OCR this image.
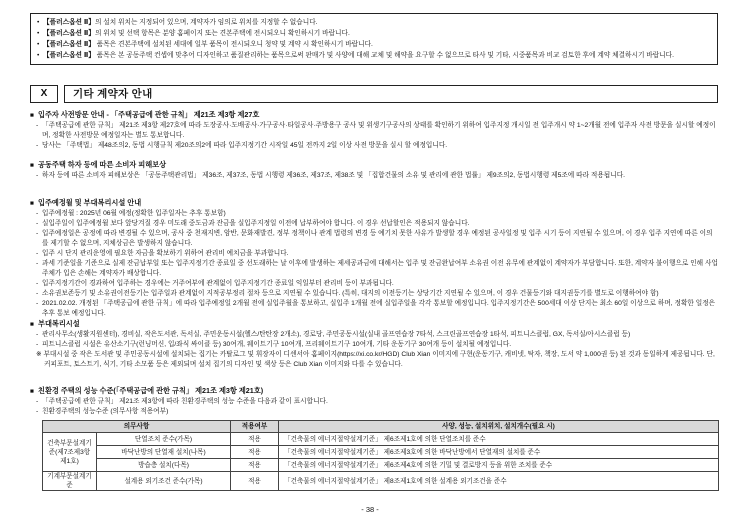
• 【플러스옵션 Ⅱ】의 설치 위치는 지정되어 있으며, 계약자가 임의로 위치를 지정할 수 없습니다.
• 【플러스옵션 Ⅱ】의 위치 및 선택 항목은 분양 홈페이지 또는 견본주택에 전시되오니 확인하시기 바랍니다.
• 【플러스옵션 Ⅱ】 품목은 견본주택에 설치된 세대에 일부 품목이 전시되오니 청약 및 계약 시 확인하시기 바랍니다.
• 【플러스옵션 Ⅱ】 품목은 본 공동주택 컨셉에 맞추어 디자인하고 품질관리하는 품목으로써 판매가 및 사양에 대해 교체 및 해약을 요구할 수 없으므로 타사 및 기타, 시중품목과 비교 검토한 후에 계약 체결하시기 바랍니다.
X	기타 계약자 안내
■ 입주자 사전방문 안내 - 「주택공급에 관한 규칙」 제21조 제3항 제27호
- 「주택공급에 관한 규칙」 제21조 제3항 제27호에 따라 도장공사·도배공사·가구공사·타일공사·주방용구 공사 및 위생기구공사의 상태를 확인하기 위하여 입주지정 개시일 전 입주개시 약 1~2개월 전에 입주자 사전 방문을 실시할 예정이며, 정확한 사전방문 예정일자는 별도 통보합니다.
- 당사는 「주택법」 제48조의2, 동법 시행규칙 제20조의2에 따라 입주지정기간 시작일 45일 전까지 2일 이상 사전 방문을 실시 할 예정입니다.
■ 공동주택 하자 등에 따른 소비자 피해보상
- 하자 등에 따른 소비자 피해보상은 「공동주택관리법」 제36조, 제37조, 동법 시행령 제36조, 제37조, 제38조 및 「집합건물의 소유 및 관리에 관한 법률」 제9조의2, 동법시행령 제5조에 따라 적용됩니다.
■ 입주예정월 및 부대복리시설 안내
- 입주예정월 : 2025년 06월 예정(정확한 입주일자는 추후 통보함)
- 실입주일이 입주예정월 보다 앞당겨질 경우 미도래 중도금과 잔금을 실입주지정일 이전에 납부하여야 합니다. 이 경우 선납할인은 적용되지 않습니다.
- 입주예정일은 공정에 따라 변경될 수 있으며, 공사 중 천재지변, 암반, 문화재발견, 정부 정책이나 관계 법령의 변경 등 예기치 못한 사유가 발생할 경우 예정된 공사일정 및 입주 시기 등이 지연될 수 있으며, 이 경우 입주 지연에 따른 이의를 제기할 수 없으며, 지체상금은 발생하지 않습니다.
- 입주 시 단지 관리운영에 필요한 자금을 확보하기 위하여 관리비 예치금을 부과합니다.
- 과세 기준일을 기준으로 실제 잔금납부일 또는 입주지정기간 종료일 중 선도래하는 날 이후에 발생하는 제세공과금에 대해서는 입주 및 잔금완납여부 소유권 이전 유무에 관계없이 계약자가 부담합니다. 또한, 계약자 불이행으로 인해 사업주체가 입은 손해는 계약자가 배상합니다.
- 입주지정기간이 경과하여 입주하는 경우에는 거주여부에 관계없이 입주지정기간 종료일 익일부터 관리비 등이 부과됩니다.
- 소유권보존등기 및 소유권이전등기는 입주일과 관계없이 지적공부정리 절차 등으로 지연될 수 있습니다. (특히, 대지의 이전등기는 상당기간 지연될 수 있으며, 이 경우 건물등기와 대지권등기를 별도로 이행하여야 함)
- 2021.02.02. 개정된 「주택공급에 관한 규칙」에 따라 입주예정일 2개월 전에 실입주월을 통보하고, 실입주 1개월 전에 실입주일을 각각 통보할 예정입니다. 입주지정기간은 500세대 이상 단지는 최소 60일 이상으로 하며, 정확한 일정은 추후 통보 예정입니다.
■ 부대복리시설
- 관리사무소(생활지원센터), 경비실, 작은도서관, 독서실, 주민운동시설(헬스/탄탄장 2개소), 경로당, 주민공동시설(실내 골프연습장 7타석, 스크린골프연습장 1타석, 피트니스클럽, GX, 독서실/아시스클럽 등)
- 피트니스클럽 시설은 유산소기구(런닝머신, 입/좌식 싸이클 등) 30여개, 웨이트기구 10여개, 프리웨이트기구 10여개, 기타 운동기구 30여개 등이 설치될 예정입니다.
※ 부대시설 중 작은 도서관 및 주민공동시설에 설치되는 집기는 카탈로그 및 휘장자이 디센서아 홈페이지(https://xi.co.kr/HGD) Club Xian 이미지에 구현(운동기구, 캐비넷, 탁자, 책장, 도서 약 1,000권 등) 된 것과 동일하게 제공됩니다. 단, 커피포트, 토스트기, 식기, 기타 소모품 등은 제외되며 설치 집기의 디자인 및 색상 등은 Club Xian 이미지와 다를 수 있습니다.
■ 친환경 주택의 성능 수준(「주택공급에 관한 규칙」 제21조 제3항 제21호)
- 「주택공급에 관한 규칙」 제21조 제3항에 따라 친환경주택의 성능 수준을 다음과 같이 표시합니다.
- 친환경주택의 성능수준 (의무사항 적용여부)
의무사항		적용여부	사양, 성능, 설치위치, 설치개수(필요 시)
건축부문설계기준(제7조제3항제1호)	단열조치 준수(가목)	적용	「건축물의 에너지절약설계기준」 제6조제1호에 의한 단열조치를 준수
	바닥난방의 단열재 설치(나목)	적용	「건축물의 에너지절약설계기준」 제6조제3호에 의한 바닥난방에서 단열재의 설치를 준수
	방습층 설치(다목)	적용	「건축물의 에너지절약설계기준」 제6조제4호에 의한 기밀 및 결로방지 등을 위한 조치를 준수
기계부문설계기준	설계용 외기조건 준수(가목)	적용	「건축물의 에너지절약설계기준」 제8조제1호에 의한 설계용 외기조건을 준수
- 38 -
